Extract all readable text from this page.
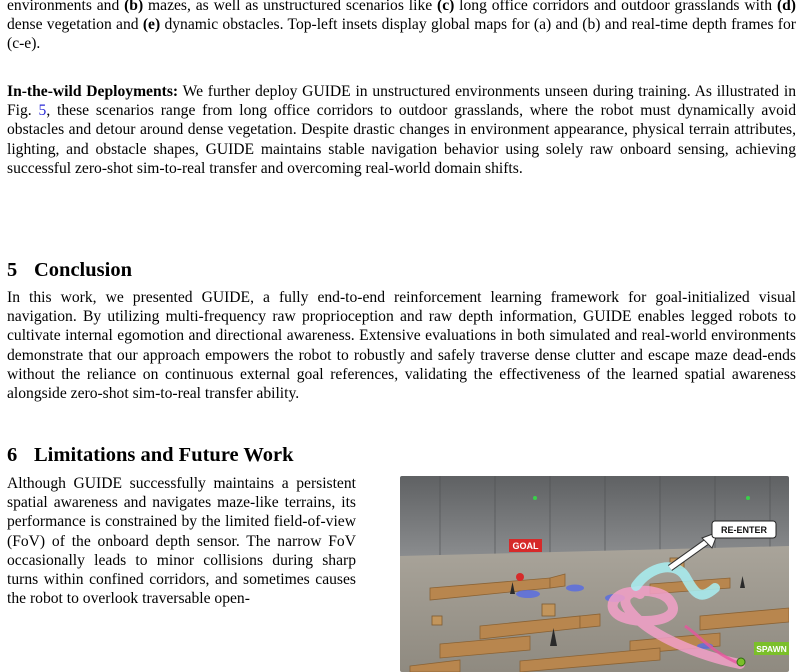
environments and (b) mazes, as well as unstructured scenarios like (c) long office corridors and outdoor grasslands with (d) dense vegetation and (e) dynamic obstacles. Top-left insets display global maps for (a) and (b) and real-time depth frames for (c-e).

In-the-wild Deployments: We further deploy GUIDE in unstructured environments unseen during training. As illustrated in Fig. 5, these scenarios range from long office corridors to outdoor grasslands, where the robot must dynamically avoid obstacles and detour around dense vegetation. Despite drastic changes in environment appearance, physical terrain attributes, lighting, and obstacle shapes, GUIDE maintains stable navigation behavior using solely raw onboard sensing, achieving successful zero-shot sim-to-real transfer and overcoming real-world domain shifts.

5 Conclusion

In this work, we presented GUIDE, a fully end-to-end reinforcement learning framework for goal-initialized visual navigation. By utilizing multi-frequency raw proprioception and raw depth information, GUIDE enables legged robots to cultivate internal egomotion and directional awareness. Extensive evaluations in both simulated and real-world environments demonstrate that our approach empowers the robot to robustly and safely traverse dense clutter and escape maze dead-ends without the reliance on continuous external goal references, validating the effectiveness of the learned spatial awareness alongside zero-shot sim-to-real transfer ability.

6 Limitations and Future Work

Although GUIDE successfully maintains a persistent spatial awareness and navigates maze-like terrains, its performance is constrained by the limited field-of-view (FoV) of the onboard depth sensor. The narrow FoV occasionally leads to minor collisions during sharp turns within confined corridors, and sometimes causes the robot to overlook traversable open-

GOAL
RE-ENTER
SPAWN
